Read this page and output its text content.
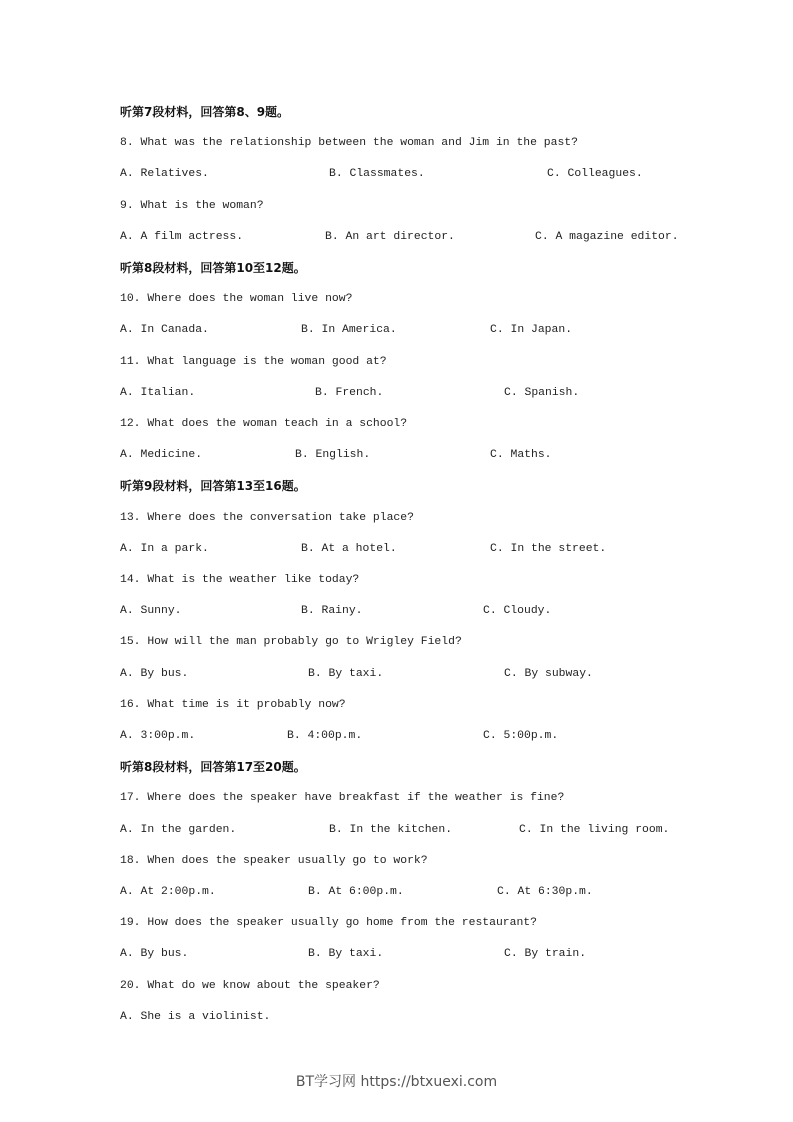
BT学习网 https://btxuexi.com
听第7段材料，回答第8、9题。
8. What was the relationship between the woman and Jim in the past?
A. Relatives.	B. Classmates.	C. Colleagues.
9. What is the woman?
A. A film actress.	B. An art director.	C. A magazine editor.
听第8段材料，回答第10至12题。
10. Where does the woman live now?
A. In Canada.	B. In America.	C. In Japan.
11. What language is the woman good at?
A. Italian.	B. French.	C. Spanish.
12. What does the woman teach in a school?
A. Medicine.	B. English.	C. Maths.
听第9段材料，回答第13至16题。
13. Where does the conversation take place?
A. In a park.	B. At a hotel.	C. In the street.
14. What is the weather like today?
A. Sunny.	B. Rainy.	C. Cloudy.
15. How will the man probably go to Wrigley Field?
A. By bus.	B. By taxi.	C. By subway.
16. What time is it probably now?
A. 3:00p.m.	B. 4:00p.m.	C. 5:00p.m.
听第8段材料，回答第17至20题。
17. Where does the speaker have breakfast if the weather is fine?
A. In the garden.	B. In the kitchen.	C. In the living room.
18. When does the speaker usually go to work?
A. At 2:00p.m.	B. At 6:00p.m.	C. At 6:30p.m.
19. How does the speaker usually go home from the restaurant?
A. By bus.	B. By taxi.	C. By train.
20. What do we know about the speaker?
A. She is a violinist.
